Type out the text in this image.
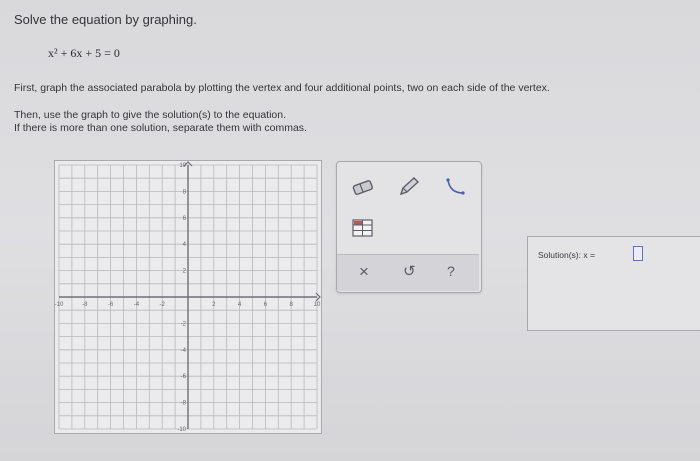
Solve the equation by graphing.
x² + 6x + 5 = 0
First, graph the associated parabola by plotting the vertex and four additional points, two on each side of the vertex.
Then, use the graph to give the solution(s) to the equation.
If there is more than one solution, separate them with commas.
-10	-8	-6	-4	-2	2	4	6	8	10
10
8
6
4
2
-2
-4
-6
-8
-10
× ↺ ?
Solution(s): x =
